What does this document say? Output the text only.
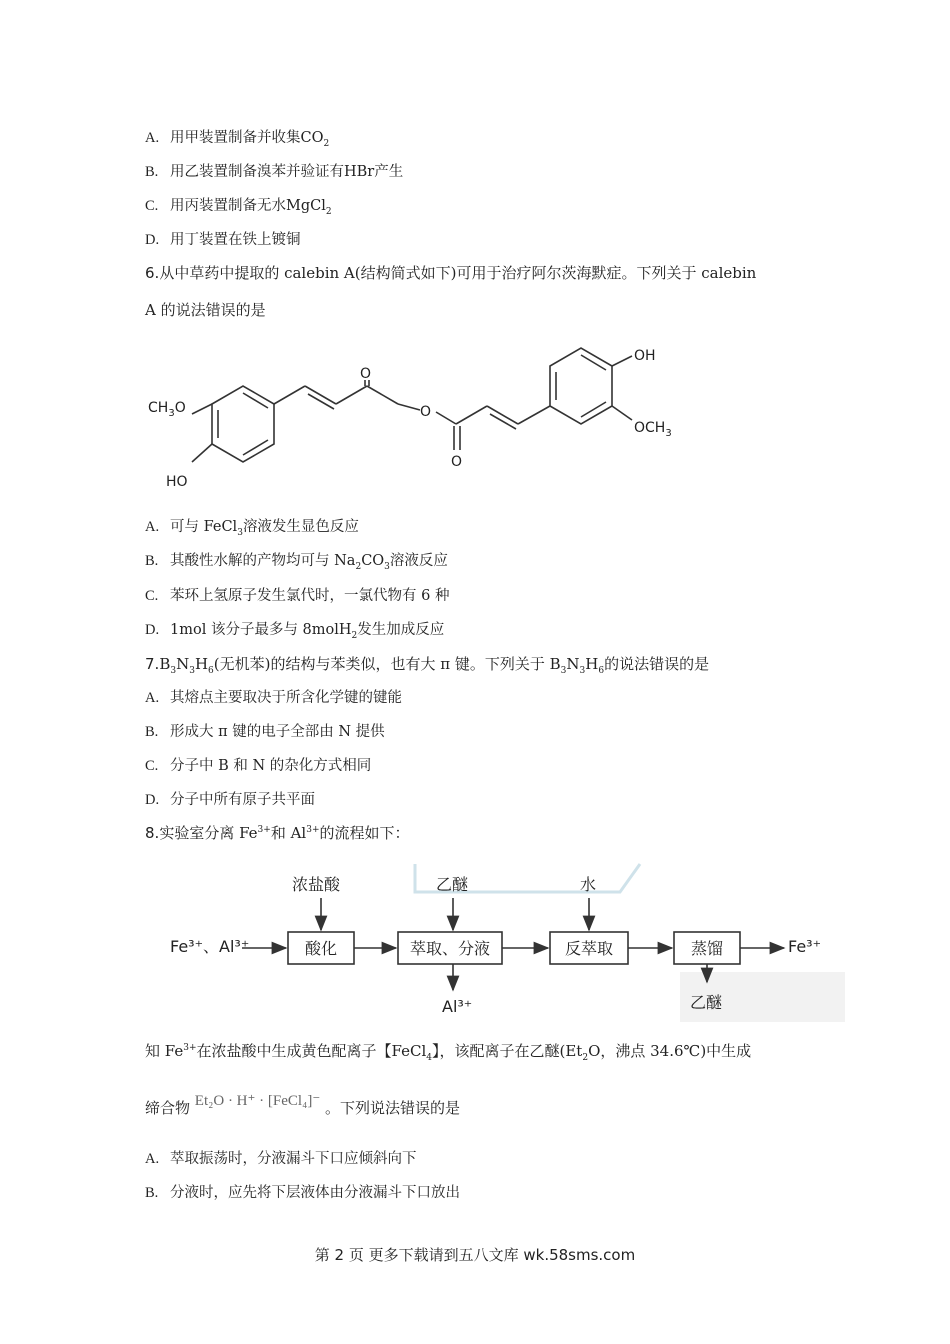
A. 用甲装置制备并收集$CO_2$
B. 用乙装置制备溴苯并验证有HBr产生
C. 用丙装置制备无水MgCl$_2$
D. 用丁装置在铁上镀铜
6.从中草药中提取的 calebin A(结构简式如下)可用于治疗阿尔茨海默症。下列关于 calebin
A 的说法错误的是
$CH_3O$
HO
O
O
O
OH
$OCH_3$
A. 可与 FeCl$_3$溶液发生显色反应
B. 其酸性水解的产物均可与 $Na_2CO_3$溶液反应
C. 苯环上氢原子发生氯代时，一氯代物有 6 种
D. 1mol 该分子最多与 8molH$_2$发生加成反应
$7.B_3N_3H_6$(无机苯)的结构与苯类似，也有大 π 键。下列关于 $B_3N_3H_6$的说法错误的是
A. 其熔点主要取决于所含化学键的键能
B. 形成大 π 键的电子全部由 N 提供
C. 分子中 B 和 N 的杂化方式相同
D. 分子中所有原子共平面
8.实验室分离 $Fe^{3+}$和 $Al^{3+}$的流程如下：
Fe³⁺、Al³⁺
浓盐酸	乙醚	水
酸化	萃取、分液	反萃取	蒸馏
Al³⁺
Fe³⁺
乙醚
知 $Fe^{3+}$在浓盐酸中生成黄色配离子【FeCl$_4$】，该配离子在乙醚($Et_2O$，沸点 34.6℃)中生成
缔合物 Et₂O · H⁺ · [FeCl₄]⁻ 。下列说法错误的是
A. 萃取振荡时，分液漏斗下口应倾斜向下
B. 分液时，应先将下层液体由分液漏斗下口放出
第 2 页 更多下载请到五八文库 wk.58sms.com
